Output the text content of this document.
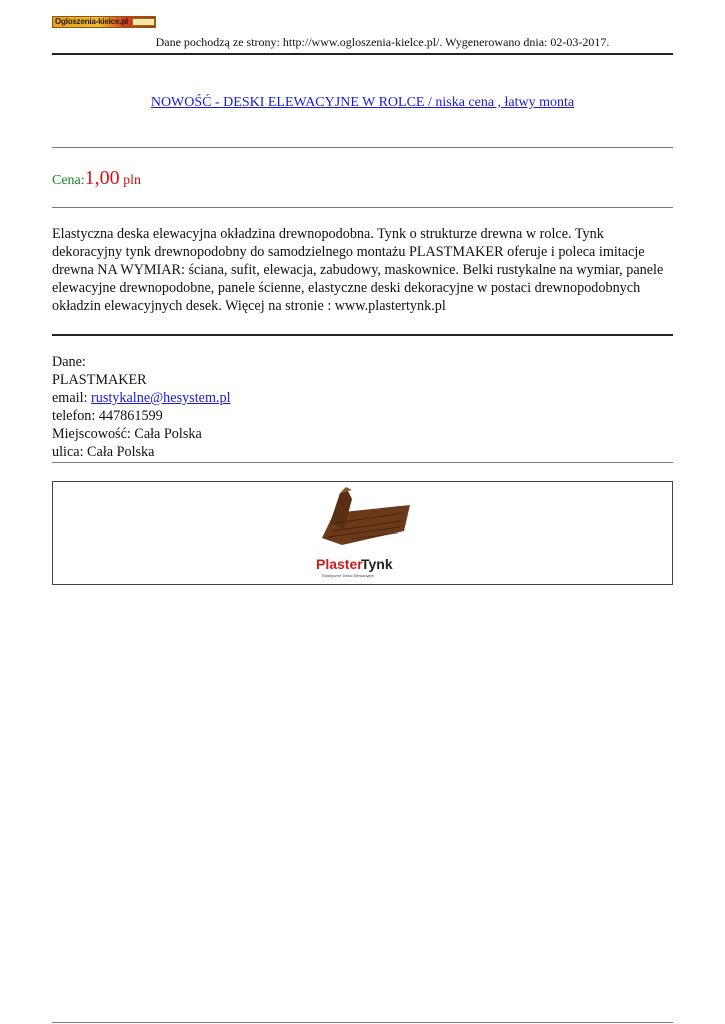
Ogloszenia-kielce.pl
Dane pochodzą ze strony: http://www.ogloszenia-kielce.pl/. Wygenerowano dnia: 02-03-2017.
NOWOŚĆ - DESKI ELEWACYJNE W ROLCE / niska cena , łatwy monta
Cena:1,00 pln

Elastyczna deska elewacyjna okładzina drewnopodobna. Tynk o strukturze drewna w rolce. Tynk dekoracyjny tynk drewnopodobny do samodzielnego montażu PLASTMAKER oferuje i poleca imitacje drewna NA WYMIAR: ściana, sufit, elewacja, zabudowy, maskownice. Belki rustykalne na wymiar, panele elewacyjne drewnopodobne, panele ścienne, elastyczne deski dekoracyjne w postaci drewnopodobnych okładzin elewacyjnych desek. Więcej na stronie : www.plastertynk.pl

Dane:
PLASTMAKER
email: rustykalne@hesystem.pl
telefon: 447861599
Miejscowość: Cała Polska
ulica: Cała Polska
Plaster
Tynk
Elastyczne Deski Elewacyjne
